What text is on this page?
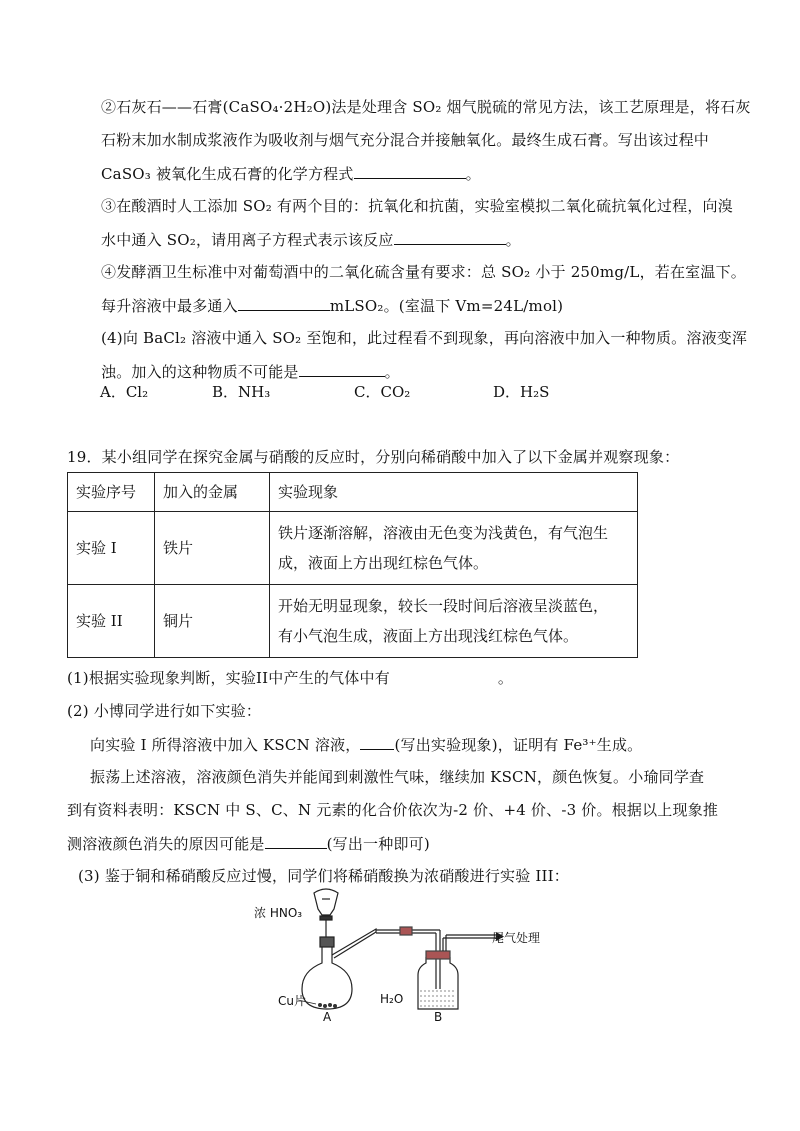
②石灰石——石膏(CaSO₄·2H₂O)法是处理含 SO₂ 烟气脱硫的常见方法，该工艺原理是，将石灰
石粉末加水制成浆液作为吸收剂与烟气充分混合并接触氧化。最终生成石膏。写出该过程中
CaSO₃ 被氧化生成石膏的化学方程式	。
③在酸酒时人工添加 SO₂ 有两个目的：抗氧化和抗菌，实验室模拟二氧化硫抗氧化过程，向溴
水中通入 SO₂，请用离子方程式表示该反应	。
④发酵酒卫生标准中对葡萄酒中的二氧化硫含量有要求：总 SO₂ 小于 250mg/L，若在室温下。
每升溶液中最多通入	mLSO₂。(室温下 Vm=24L/mol)
(4)向 BaCl₂ 溶液中通入 SO₂ 至饱和，此过程看不到现象，再向溶液中加入一种物质。溶液变浑
浊。加入的这种物质不可能是	。
A．Cl₂	B．NH₃	C．CO₂	D．H₂S
19．某小组同学在探究金属与硝酸的反应时，分别向稀硝酸中加入了以下金属并观察现象：
实验序号	加入的金属	实验现象
实验 I	铁片	铁片逐渐溶解，溶液由无色变为浅黄色，有气泡生
成，液面上方出现红棕色气体。

实验 II	铜片	开始无明显现象，较长一段时间后溶液呈淡蓝色，
有小气泡生成，液面上方出现浅红棕色气体。
(1)根据实验现象判断，实验II中产生的气体中有	。
(2) 小博同学进行如下实验：
向实验 I 所得溶液中加入 KSCN 溶液， (写出实验现象)，证明有 Fe³⁺生成。
振荡上述溶液，溶液颜色消失并能闻到刺激性气味，继续加 KSCN，颜色恢复。小瑜同学查
到有资料表明：KSCN 中 S、C、N 元素的化合价依次为-2 价、+4 价、-3 价。根据以上现象推
测溶液颜色消失的原因可能是	(写出一种即可)
(3) 鉴于铜和稀硝酸反应过慢，同学们将稀硝酸换为浓硝酸进行实验 III：
浓 HNO₃
Cu片	H₂O
尾气处理
A	B
